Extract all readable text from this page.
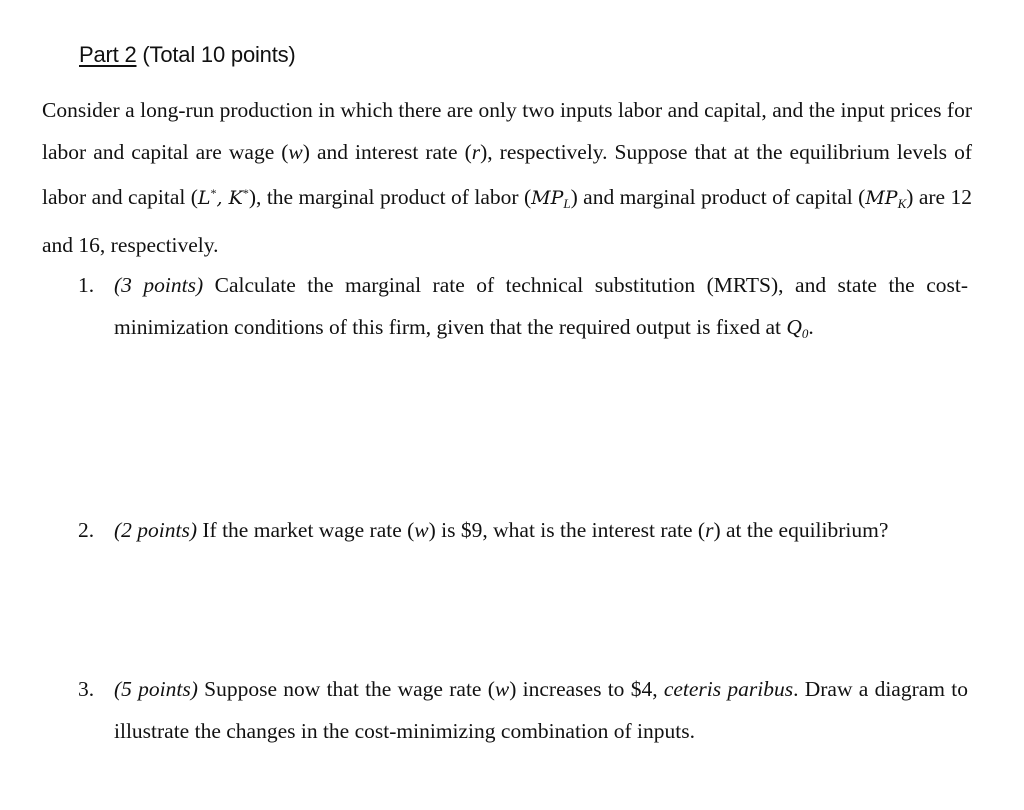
Part 2 (Total 10 points)
Consider a long-run production in which there are only two inputs labor and capital, and the input prices for labor and capital are wage (w) and interest rate (r), respectively. Suppose that at the equilibrium levels of labor and capital (L*, K*), the marginal product of labor $(MP_L)$ and marginal product of capital $(MP_K)$ are 12 and 16, respectively.
1. (3 points) Calculate the marginal rate of technical substitution (MRTS), and state the cost-minimization conditions of this firm, given that the required output is fixed at $Q_0$.
2. (2 points) If the market wage rate (w) is $9, what is the interest rate (r) at the equilibrium?
3. (5 points) Suppose now that the wage rate (w) increases to $4, ceteris paribus. Draw a diagram to illustrate the changes in the cost-minimizing combination of inputs.
